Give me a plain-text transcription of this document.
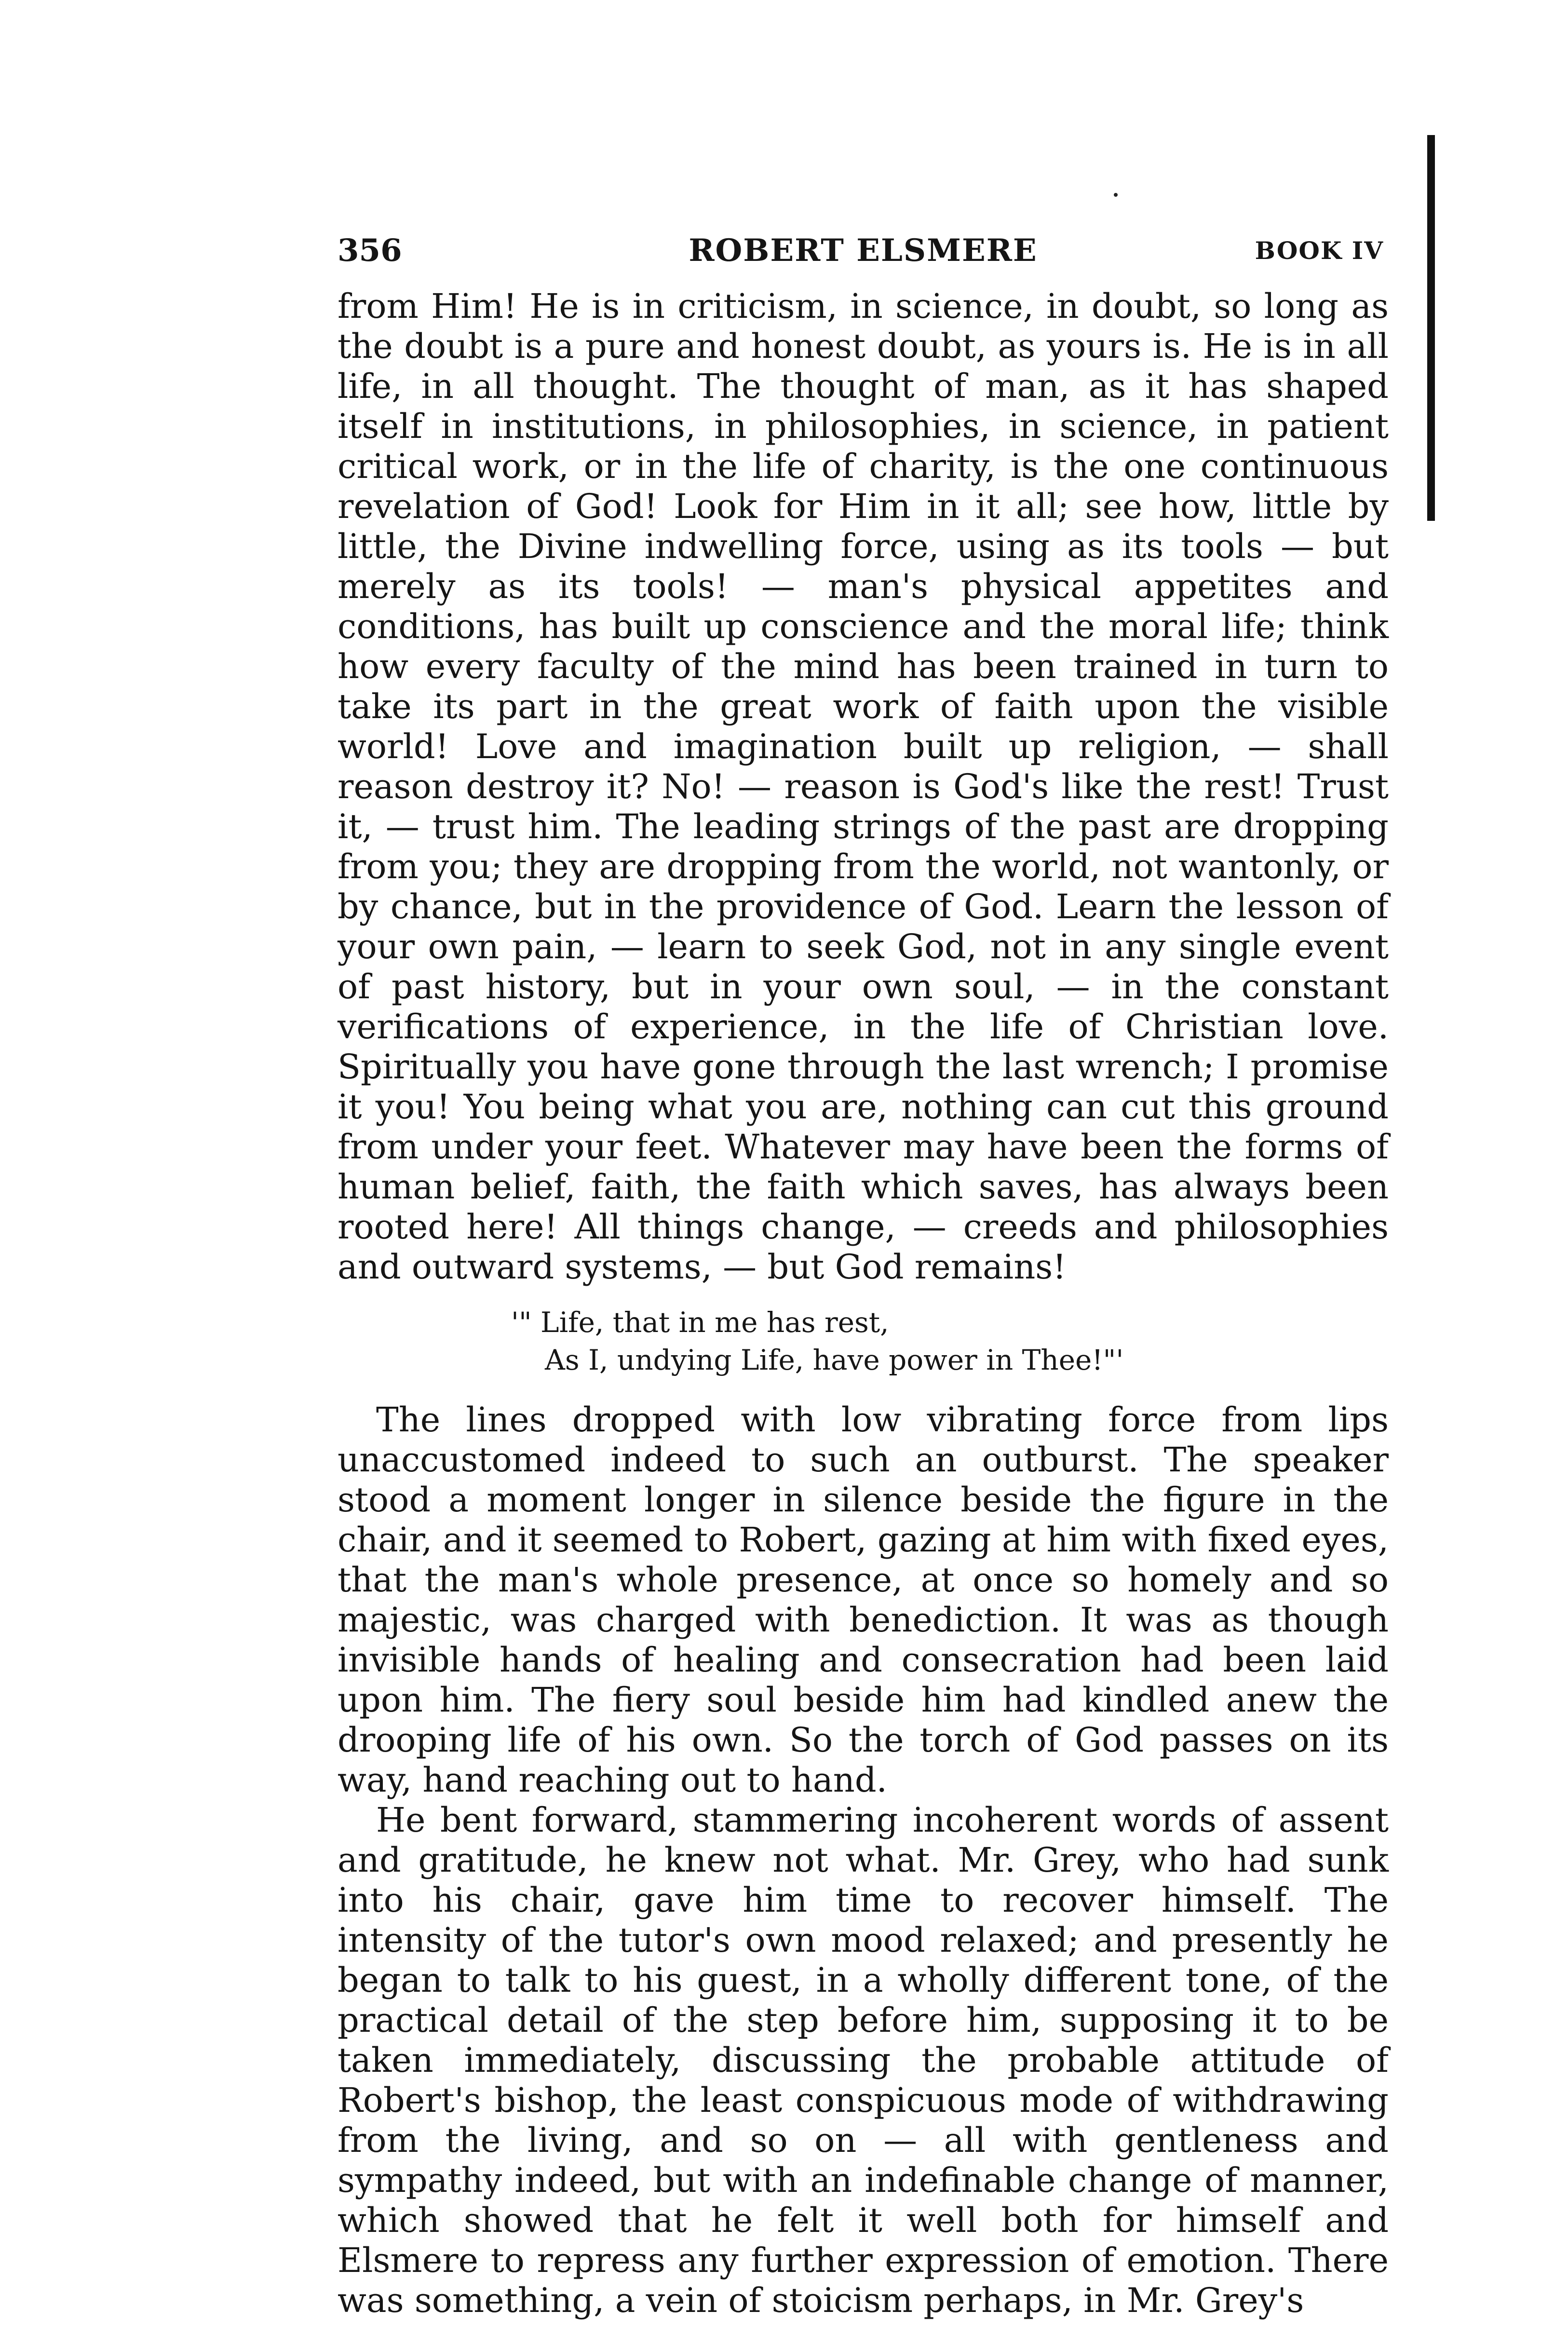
356	ROBERT ELSMERE	BOOK IV

from Him! He is in criticism, in science, in doubt, so long as the doubt is a pure and honest doubt, as yours is. He is in all life, in all thought. The thought of man, as it has shaped itself in institutions, in philosophies, in science, in patient critical work, or in the life of charity, is the one continuous revelation of God! Look for Him in it all; see how, little by little, the Divine indwelling force, using as its tools — but merely as its tools! — man's physical appetites and conditions, has built up conscience and the moral life; think how every faculty of the mind has been trained in turn to take its part in the great work of faith upon the visible world! Love and imagination built up religion, — shall reason destroy it? No! — reason is God's like the rest! Trust it, — trust him. The leading strings of the past are dropping from you; they are dropping from the world, not wantonly, or by chance, but in the providence of God. Learn the lesson of your own pain, — learn to seek God, not in any single event of past history, but in your own soul, — in the constant verifications of experience, in the life of Christian love. Spiritually you have gone through the last wrench; I promise it you! You being what you are, nothing can cut this ground from under your feet. Whatever may have been the forms of human belief, faith, the faith which saves, has always been rooted here! All things change, — creeds and philosophies and outward systems, — but God remains!

'" Life, that in me has rest,
As I, undying Life, have power in Thee!"'

The lines dropped with low vibrating force from lips unaccustomed indeed to such an outburst. The speaker stood a moment longer in silence beside the figure in the chair, and it seemed to Robert, gazing at him with fixed eyes, that the man's whole presence, at once so homely and so majestic, was charged with benediction. It was as though invisible hands of healing and consecration had been laid upon him. The fiery soul beside him had kindled anew the drooping life of his own. So the torch of God passes on its way, hand reaching out to hand.

He bent forward, stammering incoherent words of assent and gratitude, he knew not what. Mr. Grey, who had sunk into his chair, gave him time to recover himself. The intensity of the tutor's own mood relaxed; and presently he began to talk to his guest, in a wholly different tone, of the practical detail of the step before him, supposing it to be taken immediately, discussing the probable attitude of Robert's bishop, the least conspicuous mode of withdrawing from the living, and so on — all with gentleness and sympathy indeed, but with an indefinable change of manner, which showed that he felt it well both for himself and Elsmere to repress any further expression of emotion. There was something, a vein of stoicism perhaps, in Mr. Grey's
